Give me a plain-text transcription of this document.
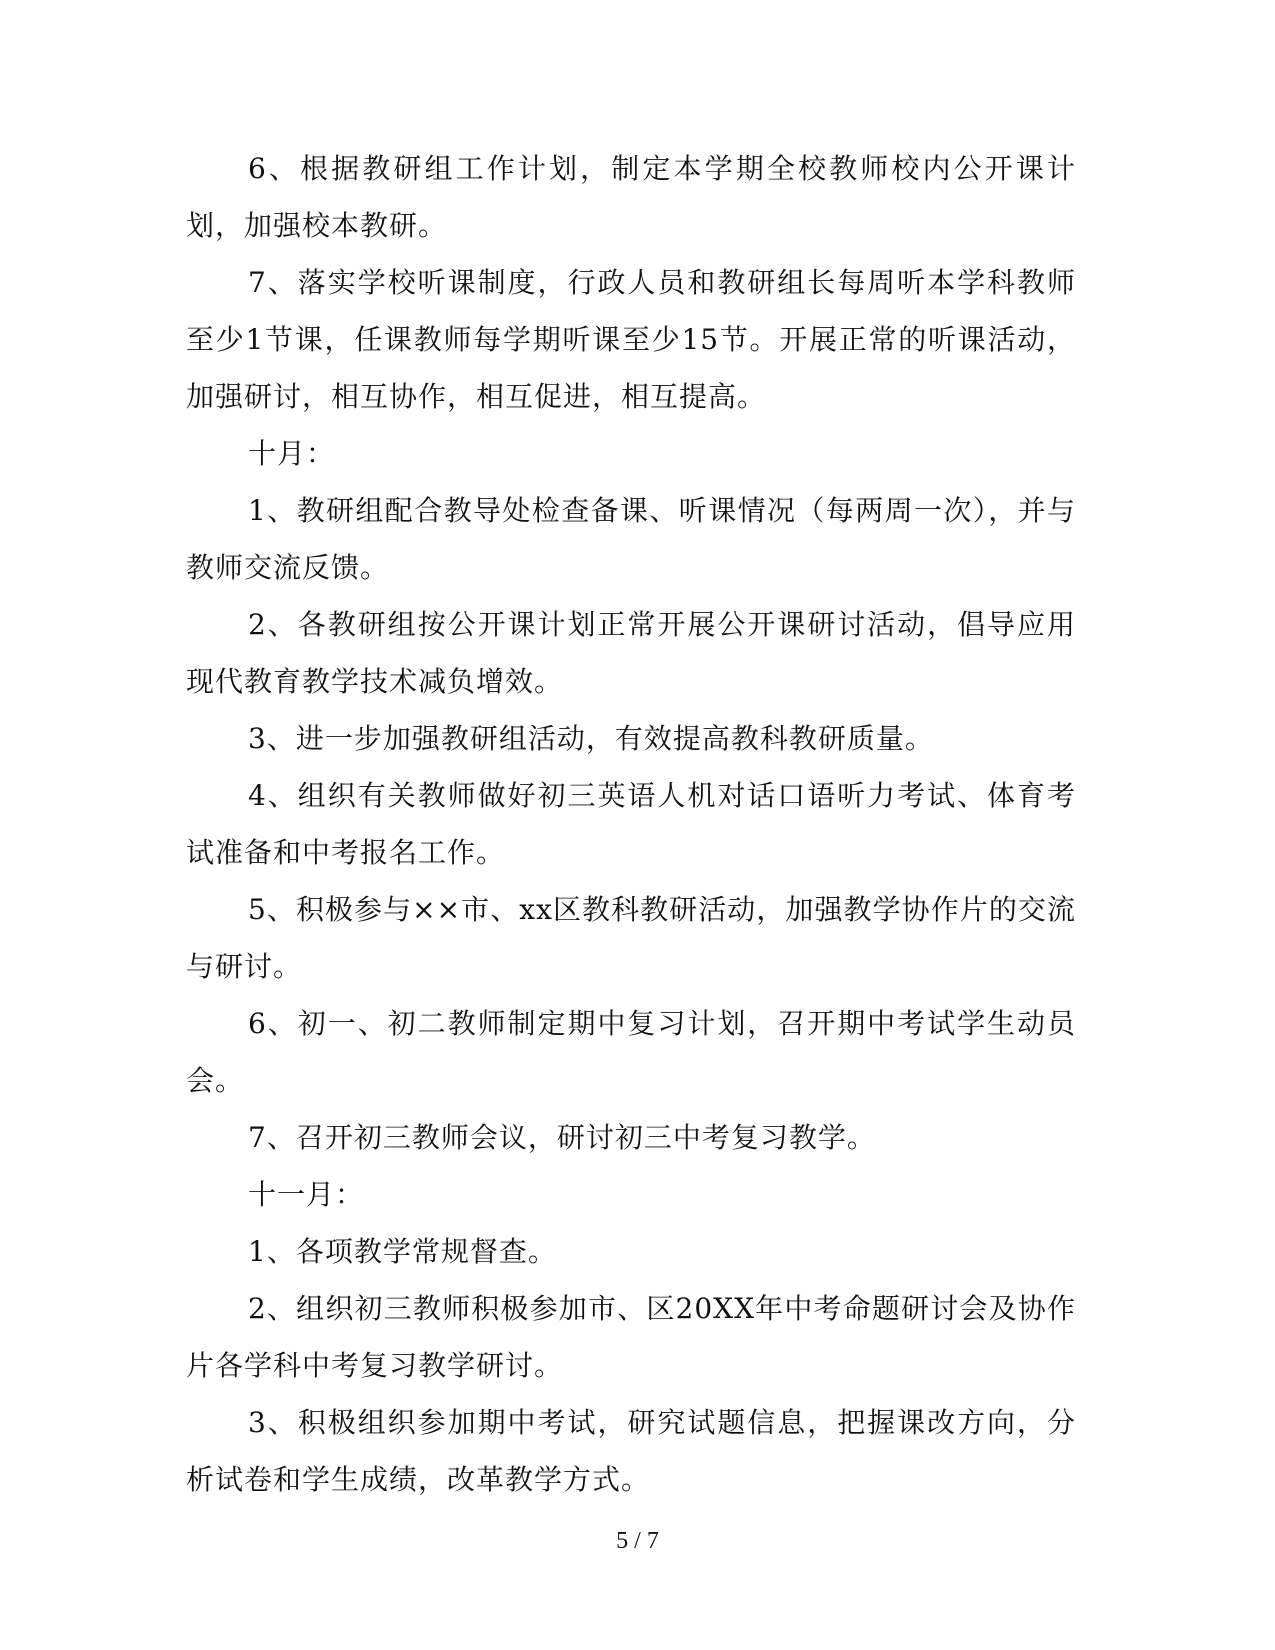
6、根据教研组工作计划，制定本学期全校教师校内公开课计划，加强校本教研。

7、落实学校听课制度，行政人员和教研组长每周听本学科教师至少1节课，任课教师每学期听课至少15节。开展正常的听课活动，加强研讨，相互协作，相互促进，相互提高。

十月：

1、教研组配合教导处检查备课、听课情况（每两周一次），并与教师交流反馈。

2、各教研组按公开课计划正常开展公开课研讨活动，倡导应用现代教育教学技术减负增效。

3、进一步加强教研组活动，有效提高教科教研质量。

4、组织有关教师做好初三英语人机对话口语听力考试、体育考试准备和中考报名工作。

5、积极参与××市、xx区教科教研活动，加强教学协作片的交流与研讨。

6、初一、初二教师制定期中复习计划，召开期中考试学生动员会。

7、召开初三教师会议，研讨初三中考复习教学。

十一月：

1、各项教学常规督查。

2、组织初三教师积极参加市、区20XX年中考命题研讨会及协作片各学科中考复习教学研讨。

3、积极组织参加期中考试，研究试题信息，把握课改方向，分析试卷和学生成绩，改革教学方式。

5 / 7
